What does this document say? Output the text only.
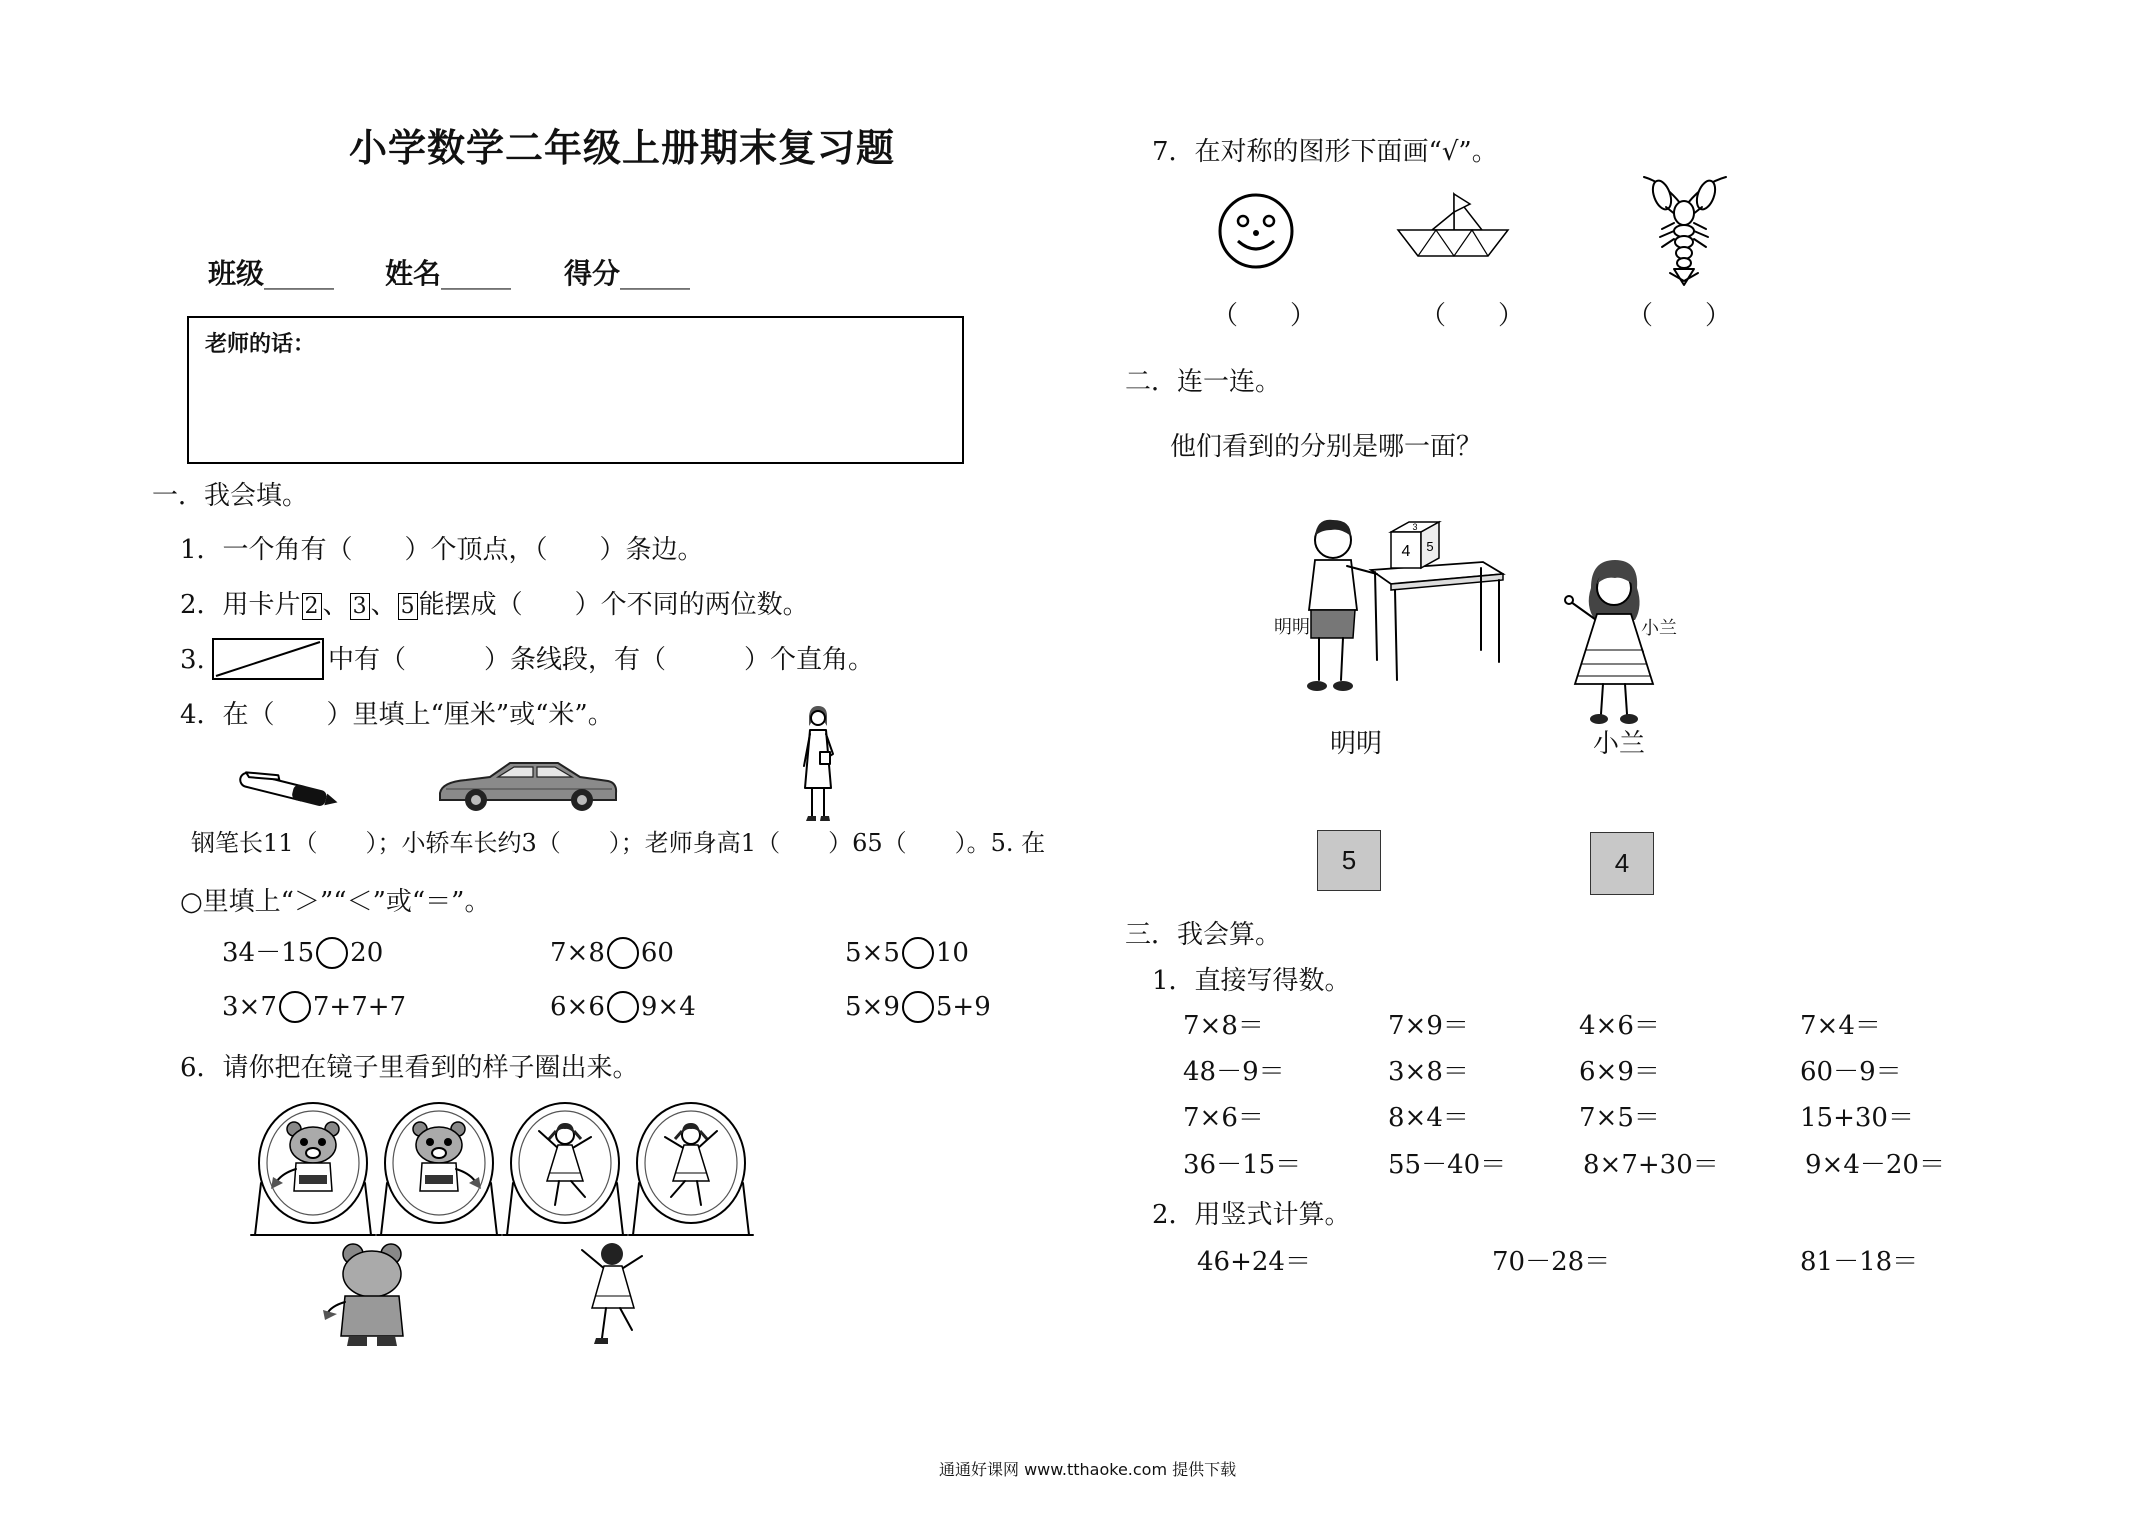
小学数学二年级上册期末复习题
班级_____ 姓名_____ 得分_____
老师的话：
一．我会填。
1．一个角有（　　）个顶点，（　　）条边。
2．用卡片 2 、 3 、 5 能摆成（　　）个不同的两位数。
3.	中有（　　　）条线段，有（　　　）个直角。
4．在（　　）里填上“厘米”或“米”。
钢笔长11（　　）；小轿车长约3（　　）；老师身高1（　　）65（　　）。5. 在
○里填上“＞”“＜”或“＝”。
34－15 20	7×8 60	5×5 10
3×7 7+7+7	6×6 9×4	5×9 5+9
6．请你把在镜子里看到的样子圈出来。
7．在对称的图形下面画“√”。
（　　）	（　　）	（　　）
二．连一连。
他们看到的分别是哪一面？
3
4 5
明明	小兰
明明	小兰
5	4
三．我会算。
1．直接写得数。
7×8＝	7×9＝	4×6＝	7×4＝
48－9＝	3×8＝	6×9＝	60－9＝
7×6＝	8×4＝	7×5＝	15+30＝
36－15＝	55－40＝	8×7+30＝	9×4－20＝
2．用竖式计算。
46+24＝	70－28＝	81－18＝
通通好课网 www.tthaoke.com 提供下载
